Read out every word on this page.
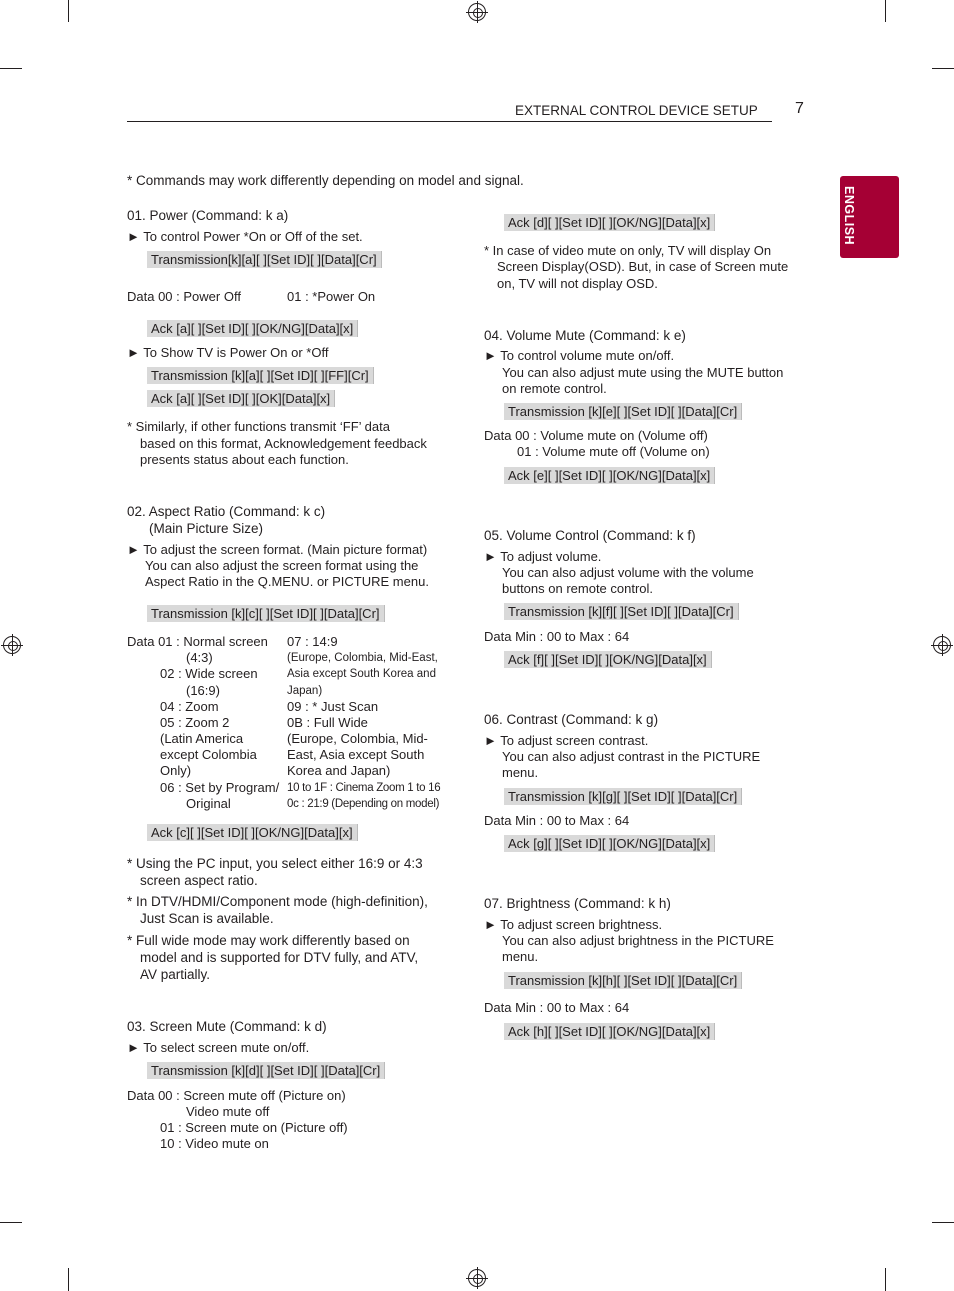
EXTERNAL CONTROL DEVICE SETUP 7
ENGLISH
* Commands may work differently depending on model and signal.
01. Power (Command: k a)
► To control Power *On or Off of the set.
Transmission[k][a][ ][Set ID][ ][Data][Cr]
Data 00 : Power Off	01 : *Power On
Ack [a][ ][Set ID][ ][OK/NG][Data][x]
► To Show TV is Power On or *Off
Transmission [k][a][ ][Set ID][ ][FF][Cr]
Ack [a][ ][Set ID][ ][OK][Data][x]
* Similarly, if other functions transmit ‘FF’ data
based on this format, Acknowledgement feedback
presents status about each function.
02. Aspect Ratio (Command: k c)
(Main Picture Size)
► To adjust the screen format. (Main picture format)
You can also adjust the screen format using the
Aspect Ratio in the Q.MENU. or PICTURE menu.
Transmission [k][c][ ][Set ID][ ][Data][Cr]
Data 01 : Normal screen
(4:3)
02 : Wide screen
(16:9)
04 : Zoom
05 : Zoom 2
(Latin America
except Colombia
Only)
06 : Set by Program/
Original
07 : 14:9
(Europe, Colombia, Mid-East,
Asia except South Korea and
Japan)
09 : * Just Scan
0B : Full Wide
(Europe, Colombia, Mid-
East, Asia except South
Korea and Japan)
10 to 1F : Cinema Zoom 1 to 16
0c : 21:9 (Depending on model)
Ack [c][ ][Set ID][ ][OK/NG][Data][x]
* Using the PC input, you select either 16:9 or 4:3
screen aspect ratio.
* In DTV/HDMI/Component mode (high-definition),
Just Scan is available.
* Full wide mode may work differently based on
model and is supported for DTV fully, and ATV,
AV partially.
03. Screen Mute (Command: k d)
► To select screen mute on/off.
Transmission [k][d][ ][Set ID][ ][Data][Cr]
Data 00 : Screen mute off (Picture on)
Video mute off
01 : Screen mute on (Picture off)
10 : Video mute on
Ack [d][ ][Set ID][ ][OK/NG][Data][x]
* In case of video mute on only, TV will display On
Screen Display(OSD). But, in case of Screen mute
on, TV will not display OSD.
04. Volume Mute (Command: k e)
► To control volume mute on/off.
You can also adjust mute using the MUTE button
on remote control.
Transmission [k][e][ ][Set ID][ ][Data][Cr]
Data 00 : Volume mute on (Volume off)
01 : Volume mute off (Volume on)
Ack [e][ ][Set ID][ ][OK/NG][Data][x]
05. Volume Control (Command: k f)
► To adjust volume.
You can also adjust volume with the volume
buttons on remote control.
Transmission [k][f][ ][Set ID][ ][Data][Cr]
Data Min : 00 to Max : 64
Ack [f][ ][Set ID][ ][OK/NG][Data][x]
06. Contrast (Command: k g)
► To adjust screen contrast.
You can also adjust contrast in the PICTURE
menu.
Transmission [k][g][ ][Set ID][ ][Data][Cr]
Data Min : 00 to Max : 64
Ack [g][ ][Set ID][ ][OK/NG][Data][x]
07. Brightness (Command: k h)
► To adjust screen brightness.
You can also adjust brightness in the PICTURE
menu.
Transmission [k][h][ ][Set ID][ ][Data][Cr]
Data Min : 00 to Max : 64
Ack [h][ ][Set ID][ ][OK/NG][Data][x]
